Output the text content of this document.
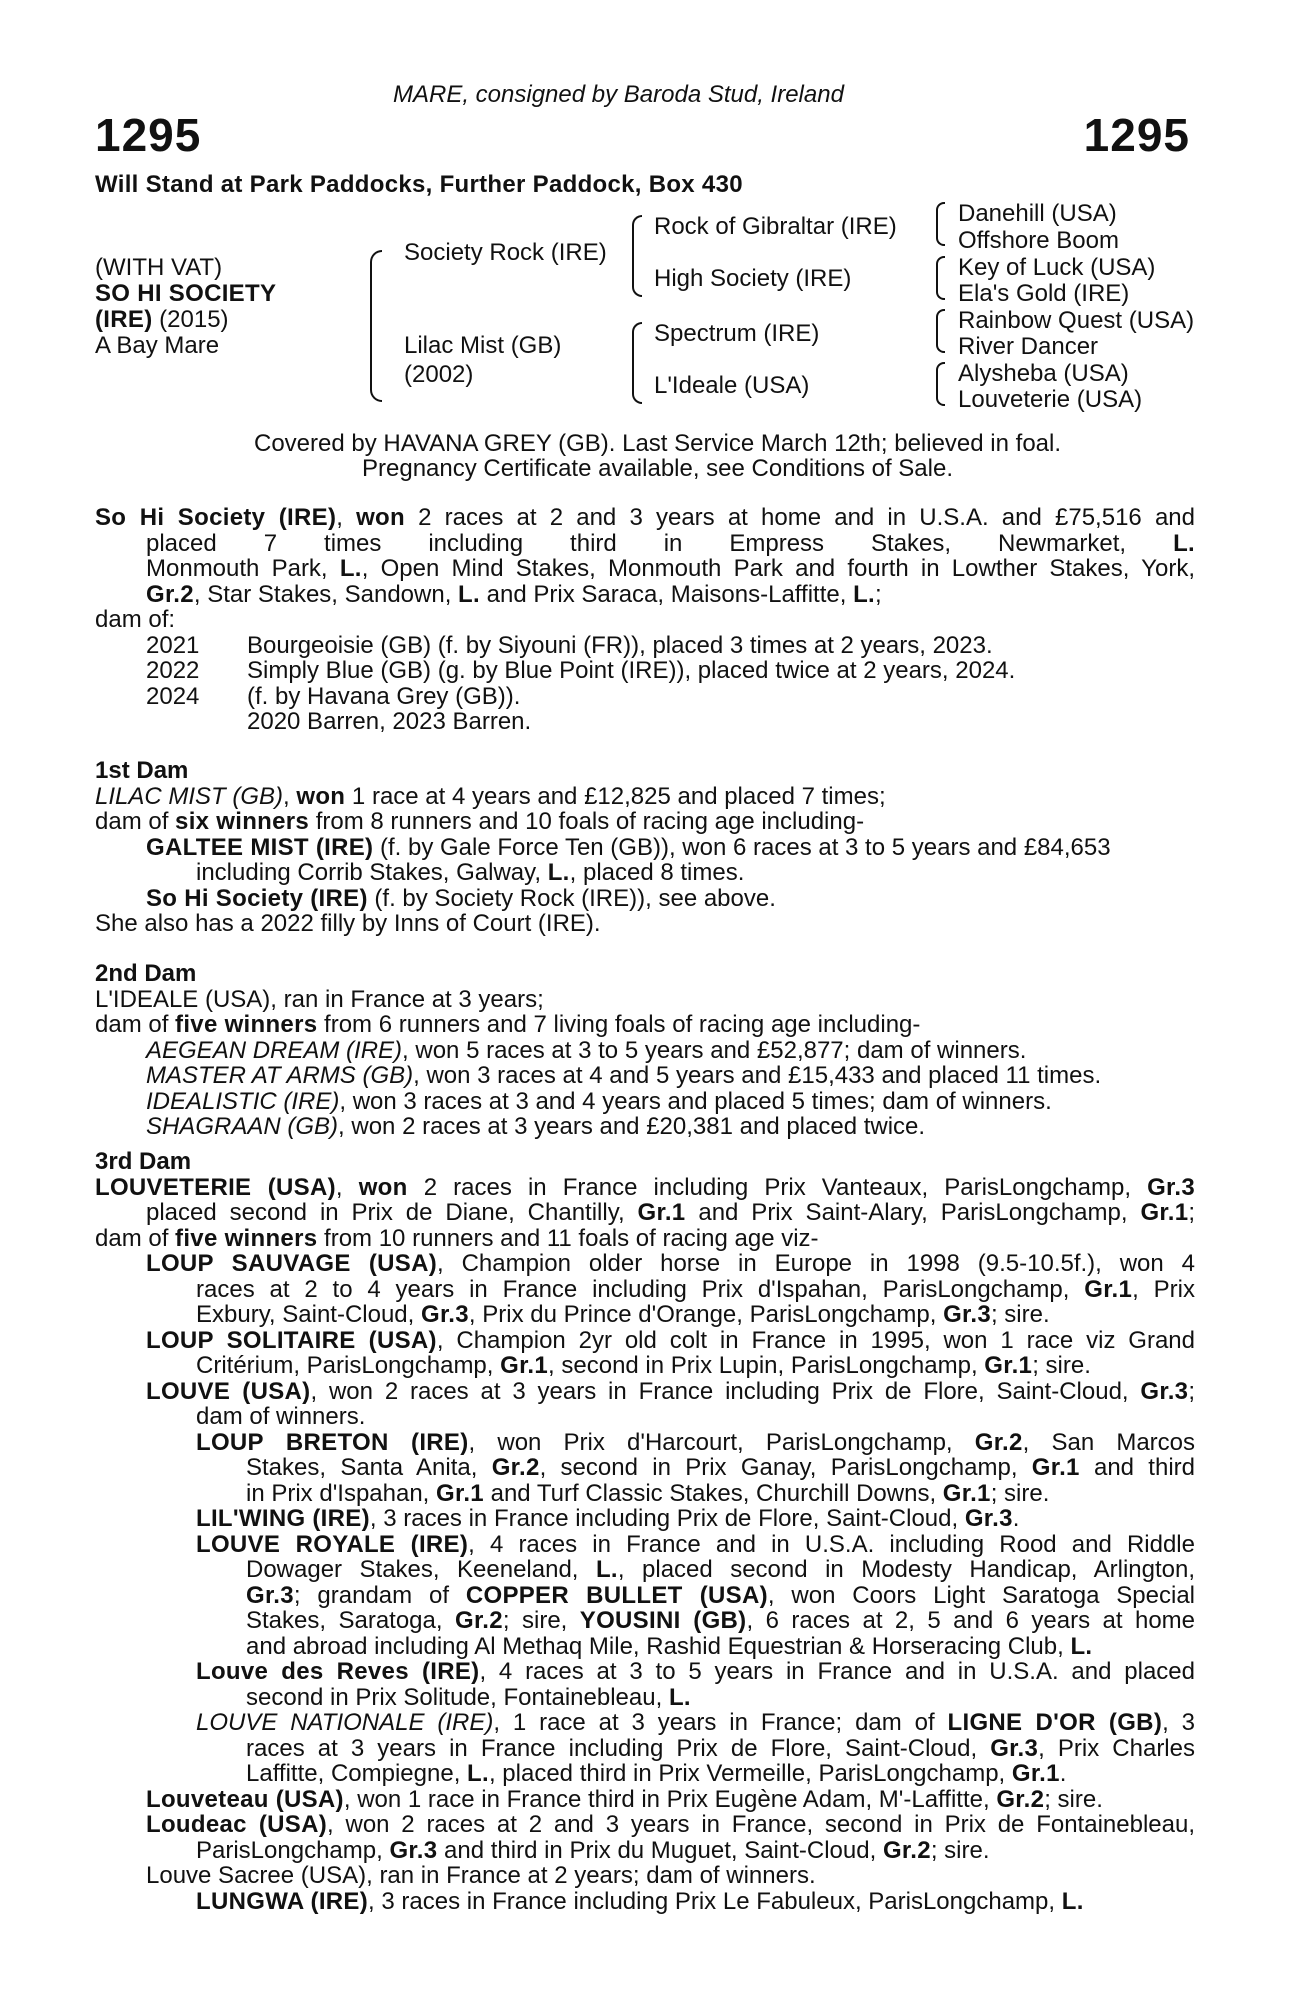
MARE, consigned by Baroda Stud, Ireland
1295	1295
Will Stand at Park Paddocks, Further Paddock, Box 430
(WITH VAT)
SO HI SOCIETY
(IRE) (2015)
A Bay Mare
Society Rock (IRE)
Lilac Mist (GB)
(2002)
Rock of Gibraltar (IRE)
High Society (IRE)
Spectrum (IRE)
L'Ideale (USA)
Danehill (USA)
Offshore Boom
Key of Luck (USA)
Ela's Gold (IRE)
Rainbow Quest (USA)
River Dancer
Alysheba (USA)
Louveterie (USA)
Covered by HAVANA GREY (GB). Last Service March 12th; believed in foal.
Pregnancy Certificate available, see Conditions of Sale.
So Hi Society (IRE), won 2 races at 2 and 3 years at home and in U.S.A. and £75,516 and
placed 7 times including third in Empress Stakes, Newmarket, L.
Monmouth Park, L., Open Mind Stakes, Monmouth Park and fourth in Lowther Stakes, York,
Gr.2, Star Stakes, Sandown, L. and Prix Saraca, Maisons-Laffitte, L.;
dam of:
2021 Bourgeoisie (GB) (f. by Siyouni (FR)), placed 3 times at 2 years, 2023.
2022 Simply Blue (GB) (g. by Blue Point (IRE)), placed twice at 2 years, 2024.
2024 (f. by Havana Grey (GB)).
2020 Barren, 2023 Barren.
1st Dam
LILAC MIST (GB), won 1 race at 4 years and £12,825 and placed 7 times;
dam of six winners from 8 runners and 10 foals of racing age including-
GALTEE MIST (IRE) (f. by Gale Force Ten (GB)), won 6 races at 3 to 5 years and £84,653
including Corrib Stakes, Galway, L., placed 8 times.
So Hi Society (IRE) (f. by Society Rock (IRE)), see above.
She also has a 2022 filly by Inns of Court (IRE).
2nd Dam
L'IDEALE (USA), ran in France at 3 years;
dam of five winners from 6 runners and 7 living foals of racing age including-
AEGEAN DREAM (IRE), won 5 races at 3 to 5 years and £52,877; dam of winners.
MASTER AT ARMS (GB), won 3 races at 4 and 5 years and £15,433 and placed 11 times.
IDEALISTIC (IRE), won 3 races at 3 and 4 years and placed 5 times; dam of winners.
SHAGRAAN (GB), won 2 races at 3 years and £20,381 and placed twice.
3rd Dam
LOUVETERIE (USA), won 2 races in France including Prix Vanteaux, ParisLongchamp, Gr.3
placed second in Prix de Diane, Chantilly, Gr.1 and Prix Saint-Alary, ParisLongchamp, Gr.1;
dam of five winners from 10 runners and 11 foals of racing age viz-
LOUP SAUVAGE (USA), Champion older horse in Europe in 1998 (9.5-10.5f.), won 4
races at 2 to 4 years in France including Prix d'Ispahan, ParisLongchamp, Gr.1, Prix
Exbury, Saint-Cloud, Gr.3, Prix du Prince d'Orange, ParisLongchamp, Gr.3; sire.
LOUP SOLITAIRE (USA), Champion 2yr old colt in France in 1995, won 1 race viz Grand
Critérium, ParisLongchamp, Gr.1, second in Prix Lupin, ParisLongchamp, Gr.1; sire.
LOUVE (USA), won 2 races at 3 years in France including Prix de Flore, Saint-Cloud, Gr.3;
dam of winners.
LOUP BRETON (IRE), won Prix d'Harcourt, ParisLongchamp, Gr.2, San Marcos
Stakes, Santa Anita, Gr.2, second in Prix Ganay, ParisLongchamp, Gr.1 and third
in Prix d'Ispahan, Gr.1 and Turf Classic Stakes, Churchill Downs, Gr.1; sire.
LIL'WING (IRE), 3 races in France including Prix de Flore, Saint-Cloud, Gr.3.
LOUVE ROYALE (IRE), 4 races in France and in U.S.A. including Rood and Riddle
Dowager Stakes, Keeneland, L., placed second in Modesty Handicap, Arlington,
Gr.3; grandam of COPPER BULLET (USA), won Coors Light Saratoga Special
Stakes, Saratoga, Gr.2; sire, YOUSINI (GB), 6 races at 2, 5 and 6 years at home
and abroad including Al Methaq Mile, Rashid Equestrian & Horseracing Club, L.
Louve des Reves (IRE), 4 races at 3 to 5 years in France and in U.S.A. and placed
second in Prix Solitude, Fontainebleau, L.
LOUVE NATIONALE (IRE), 1 race at 3 years in France; dam of LIGNE D'OR (GB), 3
races at 3 years in France including Prix de Flore, Saint-Cloud, Gr.3, Prix Charles
Laffitte, Compiegne, L., placed third in Prix Vermeille, ParisLongchamp, Gr.1.
Louveteau (USA), won 1 race in France third in Prix Eugène Adam, M'-Laffitte, Gr.2; sire.
Loudeac (USA), won 2 races at 2 and 3 years in France, second in Prix de Fontainebleau,
ParisLongchamp, Gr.3 and third in Prix du Muguet, Saint-Cloud, Gr.2; sire.
Louve Sacree (USA), ran in France at 2 years; dam of winners.
LUNGWA (IRE), 3 races in France including Prix Le Fabuleux, ParisLongchamp, L.
